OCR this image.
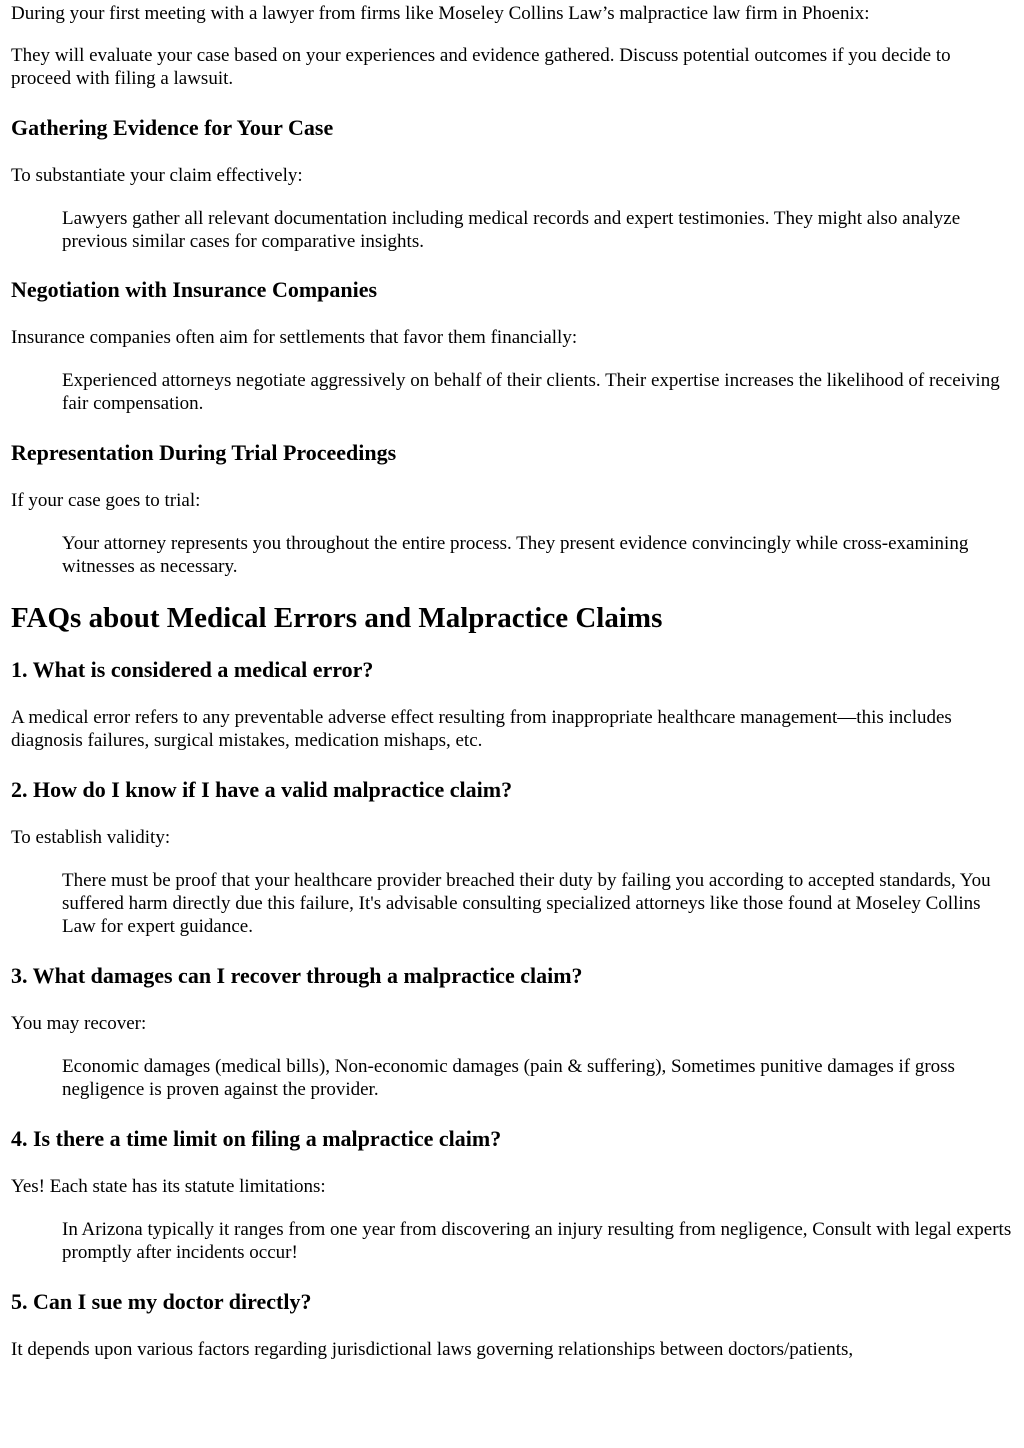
During your first meeting with a lawyer from firms like Moseley Collins Law’s malpractice law firm in Phoenix:

They will evaluate your case based on your experiences and evidence gathered. Discuss potential outcomes if you decide to proceed with filing a lawsuit.

Gathering Evidence for Your Case

To substantiate your claim effectively:

Lawyers gather all relevant documentation including medical records and expert testimonies. They might also analyze previous similar cases for comparative insights.
Negotiation with Insurance Companies

Insurance companies often aim for settlements that favor them financially:

Experienced attorneys negotiate aggressively on behalf of their clients. Their expertise increases the likelihood of receiving fair compensation.
Representation During Trial Proceedings

If your case goes to trial:

Your attorney represents you throughout the entire process. They present evidence convincingly while cross-examining witnesses as necessary.
FAQs about Medical Errors and Malpractice Claims
1. What is considered a medical error?

A medical error refers to any preventable adverse effect resulting from inappropriate healthcare management—this includes diagnosis failures, surgical mistakes, medication mishaps, etc.

2. How do I know if I have a valid malpractice claim?

To establish validity:

There must be proof that your healthcare provider breached their duty by failing you according to accepted standards, You suffered harm directly due this failure, It's advisable consulting specialized attorneys like those found at Moseley Collins Law for expert guidance.
3. What damages can I recover through a malpractice claim?

You may recover:

Economic damages (medical bills), Non-economic damages (pain & suffering), Sometimes punitive damages if gross negligence is proven against the provider.
4. Is there a time limit on filing a malpractice claim?

Yes! Each state has its statute limitations:

In Arizona typically it ranges from one year from discovering an injury resulting from negligence, Consult with legal experts promptly after incidents occur!
5. Can I sue my doctor directly?

It depends upon various factors regarding jurisdictional laws governing relationships between doctors/patients,
